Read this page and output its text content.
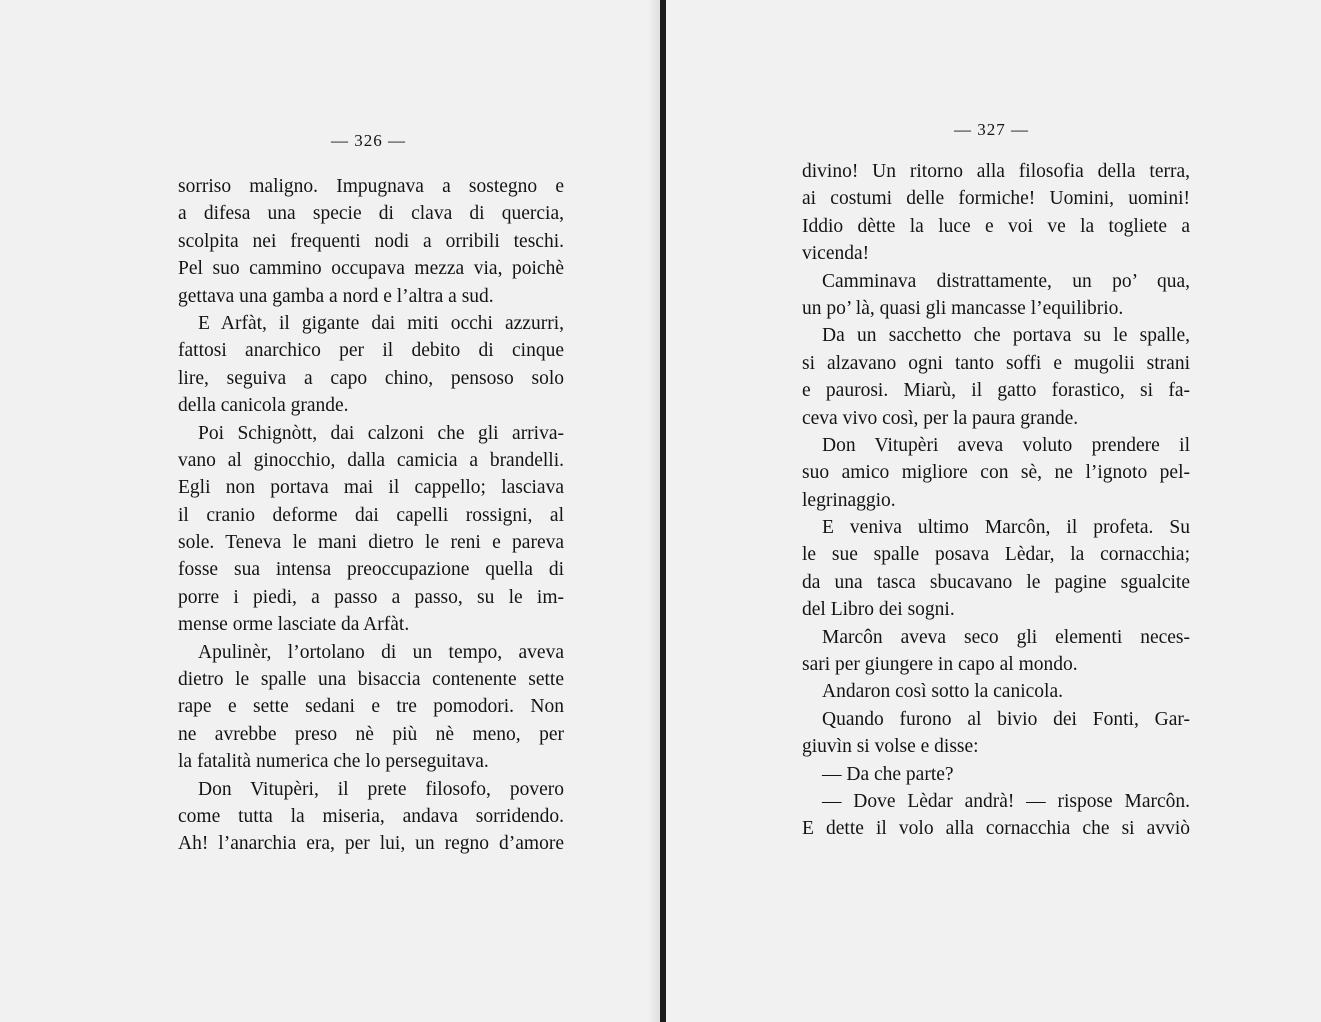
— 326 —
— 327 —
sorriso maligno. Impugnava a sostegno e
a difesa una specie di clava di quercia,
scolpita nei frequenti nodi a orribili teschi.
Pel suo cammino occupava mezza via, poichè
gettava una gamba a nord e l’altra a sud.
E Arfàt, il gigante dai miti occhi azzurri,
fattosi anarchico per il debito di cinque
lire, seguiva a capo chino, pensoso solo
della canicola grande.
Poi Schignòtt, dai calzoni che gli arriva-
vano al ginocchio, dalla camicia a brandelli.
Egli non portava mai il cappello; lasciava
il cranio deforme dai capelli rossigni, al
sole. Teneva le mani dietro le reni e pareva
fosse sua intensa preoccupazione quella di
porre i piedi, a passo a passo, su le im-
mense orme lasciate da Arfàt.
Apulinèr, l’ortolano di un tempo, aveva
dietro le spalle una bisaccia contenente sette
rape e sette sedani e tre pomodori. Non
ne avrebbe preso nè più nè meno, per
la fatalità numerica che lo perseguitava.
Don Vitupèri, il prete filosofo, povero
come tutta la miseria, andava sorridendo.
Ah! l’anarchia era, per lui, un regno d’amore
divino! Un ritorno alla filosofia della terra,
ai costumi delle formiche! Uomini, uomini!
Iddio dètte la luce e voi ve la togliete a
vicenda!
Camminava distrattamente, un po’ qua,
un po’ là, quasi gli mancasse l’equilibrio.
Da un sacchetto che portava su le spalle,
si alzavano ogni tanto soffi e mugolii strani
e paurosi. Miarù, il gatto forastico, si fa-
ceva vivo così, per la paura grande.
Don Vitupèri aveva voluto prendere il
suo amico migliore con sè, ne l’ignoto pel-
legrinaggio.
E veniva ultimo Marcôn, il profeta. Su
le sue spalle posava Lèdar, la cornacchia;
da una tasca sbucavano le pagine sgualcite
del Libro dei sogni.
Marcôn aveva seco gli elementi neces-
sari per giungere in capo al mondo.
Andaron così sotto la canicola.
Quando furono al bivio dei Fonti, Gar-
giuvìn si volse e disse:
— Da che parte?
— Dove Lèdar andrà! — rispose Marcôn.
E dette il volo alla cornacchia che si avviò
